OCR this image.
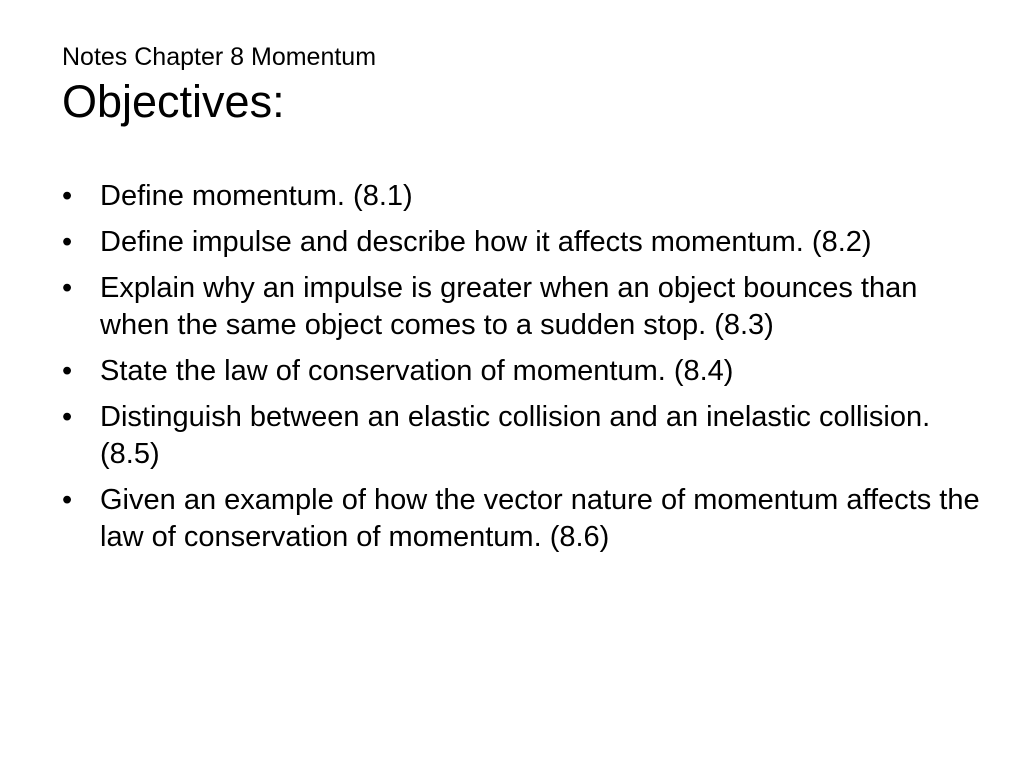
Notes Chapter 8 Momentum

Objectives:
• Define momentum. (8.1)
• Define impulse and describe how it affects momentum. (8.2)
• Explain why an impulse is greater when an object bounces than when the same object comes to a sudden stop. (8.3)
• State the law of conservation of momentum. (8.4)
• Distinguish between an elastic collision and an inelastic collision. (8.5)
• Given an example of how the vector nature of momentum affects the law of conservation of momentum. (8.6)
